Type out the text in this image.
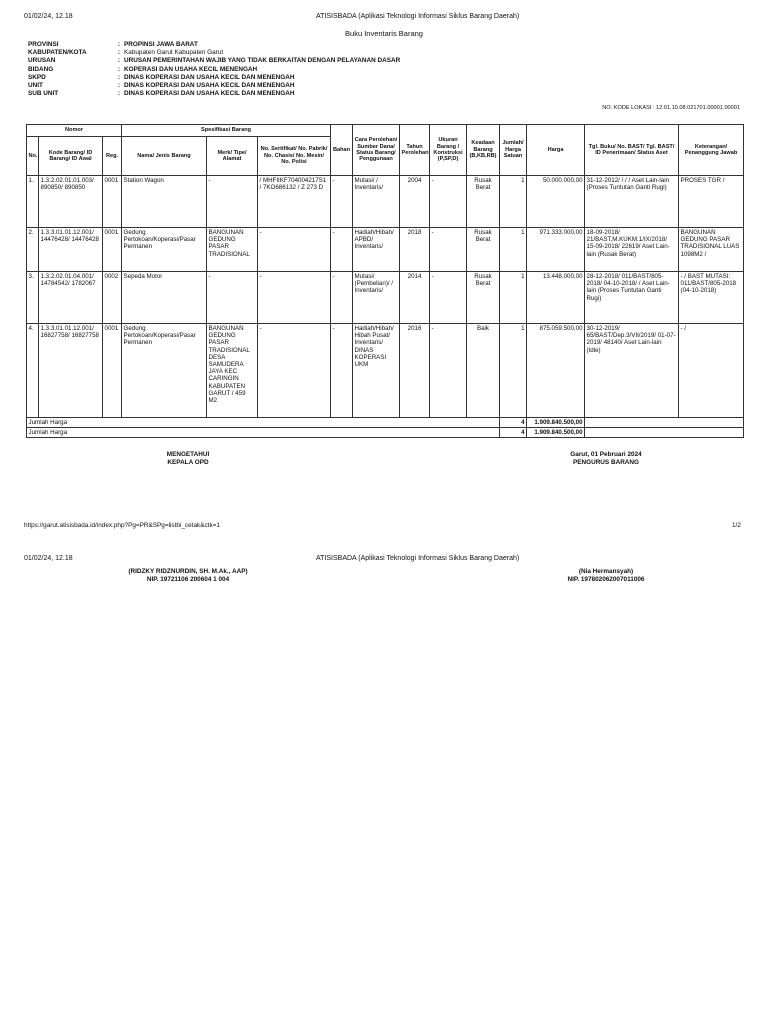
01/02/24, 12.18	ATISISBADA (Aplikasi Teknologi Informasi Siklus Barang Daerah)
Buku Inventaris Barang
PROVINSI	:	PROPINSI JAWA BARAT
KABUPATEN/KOTA	:	Kabupaten Garut Kabupaten Garut
URUSAN	:	URUSAN PEMERINTAHAN WAJIB YANG TIDAK BERKAITAN DENGAN PELAYANAN DASAR
BIDANG	:	KOPERASI DAN USAHA KECIL MENENGAH
SKPD	:	DINAS KOPERASI DAN USAHA KECIL DAN MENENGAH
UNIT	:	DINAS KOPERASI DAN USAHA KECIL DAN MENENGAH
SUB UNIT	:	DINAS KOPERASI DAN USAHA KECIL DAN MENENGAH
NO. KODE LOKASI : 12.01.10.08.021701.00001.00001
Nomor			Spesifikasi Barang			Bahan	Cara Perolehan/ Sumber Dana/ Status Barang/ Penggunaan	Tahun Perolehan	Ukuran Barang / Konstruksi (P,SP,D)	Keadaan Barang (B,KB,RB)	Jumlah/ Harga Satuan	Harga	Tgl. Buku/ No. BAST/ Tgl. BAST/ ID Penerimaan/ Status Aset	Keterangan/ Penanggung Jawab
No.	Kode Barang/ ID Barang/ ID Awal	Reg.	Nama/ Jenis Barang	Merk/ Tipe/ Alamat	No. Sertifikat/ No. Pabrik/ No. Chasis/ No. Mesin/ No. Polisi									
1.	1.3.2.02.01.01.003/ 890850/ 890850	0001	Station Wagon	-	/ MHFIIKF704004217S1 / 7KO686132 / Z 273 D	-	Mutasi/ / Inventaris/	2004	-	Rusak Berat	1	50.000.000,00	31-12-2012/ / / / Aset Lain-lain (Proses Tuntutan Ganti Rugi)	PROSES TGR /
2.	1.3.3.01.01.12.001/ 14476428/ 14476428	0001	Gedung Pertokoan/Koperasi/Pasar Permanen	BANGUNAN GEDUNG PASAR TRADISIONAL	-	-	Hadiah/Hibah/ APBD/ Inventaris/	2018	-	Rusak Berat	1	971.333.000,00	18-09-2018/ 21/BAST,M.KUKM.1/IX/2018/ 15-09-2018/ 22619/ Aset Lain-lain (Rusak Berat)	BANGUNAN GEDUNG PASAR TRADISIONAL LUAS 1098M2 /
3.	1.3.2.02.01.04.001/ 14784542/ 1782067	0002	Sepeda Motor	-	-	-	Mutasi/ (Pembelian)/ / Inventaris/	2014	-	Rusak Berat	1	13.448.000,00	28-12-2018/ 011/BAST/805-2018/ 04-10-2018/ / Aset Lain-lain (Proses Tuntutan Ganti Rugi)	- / BAST MUTASI: 011/BAST/805-2018 (04-10-2018)
4.	1.3.3.01.01.12.001/ 16827758/ 16827758	0001	Gedung Pertokoan/Koperasi/Pasar Permanen	BANGUNAN GEDUNG PASAR TRADISIONAL DESA SAMUDERA JAYA KEC CARINGIN KABUPATEN GARUT / 459 M2	-	-	Hadiah/Hibah/ Hibah Pusat/ Inventaris/ DINAS KOPERASI UKM	2016	-	Baik	1	875.059.500,00	30-12-2019/ 65/BAST/Dep.3/VII/2019/ 01-07-2019/ 48140/ Aset Lain-lain (Idle)	- /
Jumlah Harga											4	1.909.840.500,00		
Jumlah Harga											4	1.909.840.500,00		
MENGETAHUI
KEPALA OPD
Garut, 01 Pebruari 2024
PENGURUS BARANG
https://garut.atisisbada.id/index.php?Pg=PR&SPg=listbi_cetak&ctk=1	1/2
01/02/24, 12.18	ATISISBADA (Aplikasi Teknologi Informasi Siklus Barang Daerah)
(RIDZKY RIDZNURDIN, SH. M.Ak., AAP)
NIP. 19721106 200604 1 004
(Nia Hermansyah)
NIP. 197802062007011006
